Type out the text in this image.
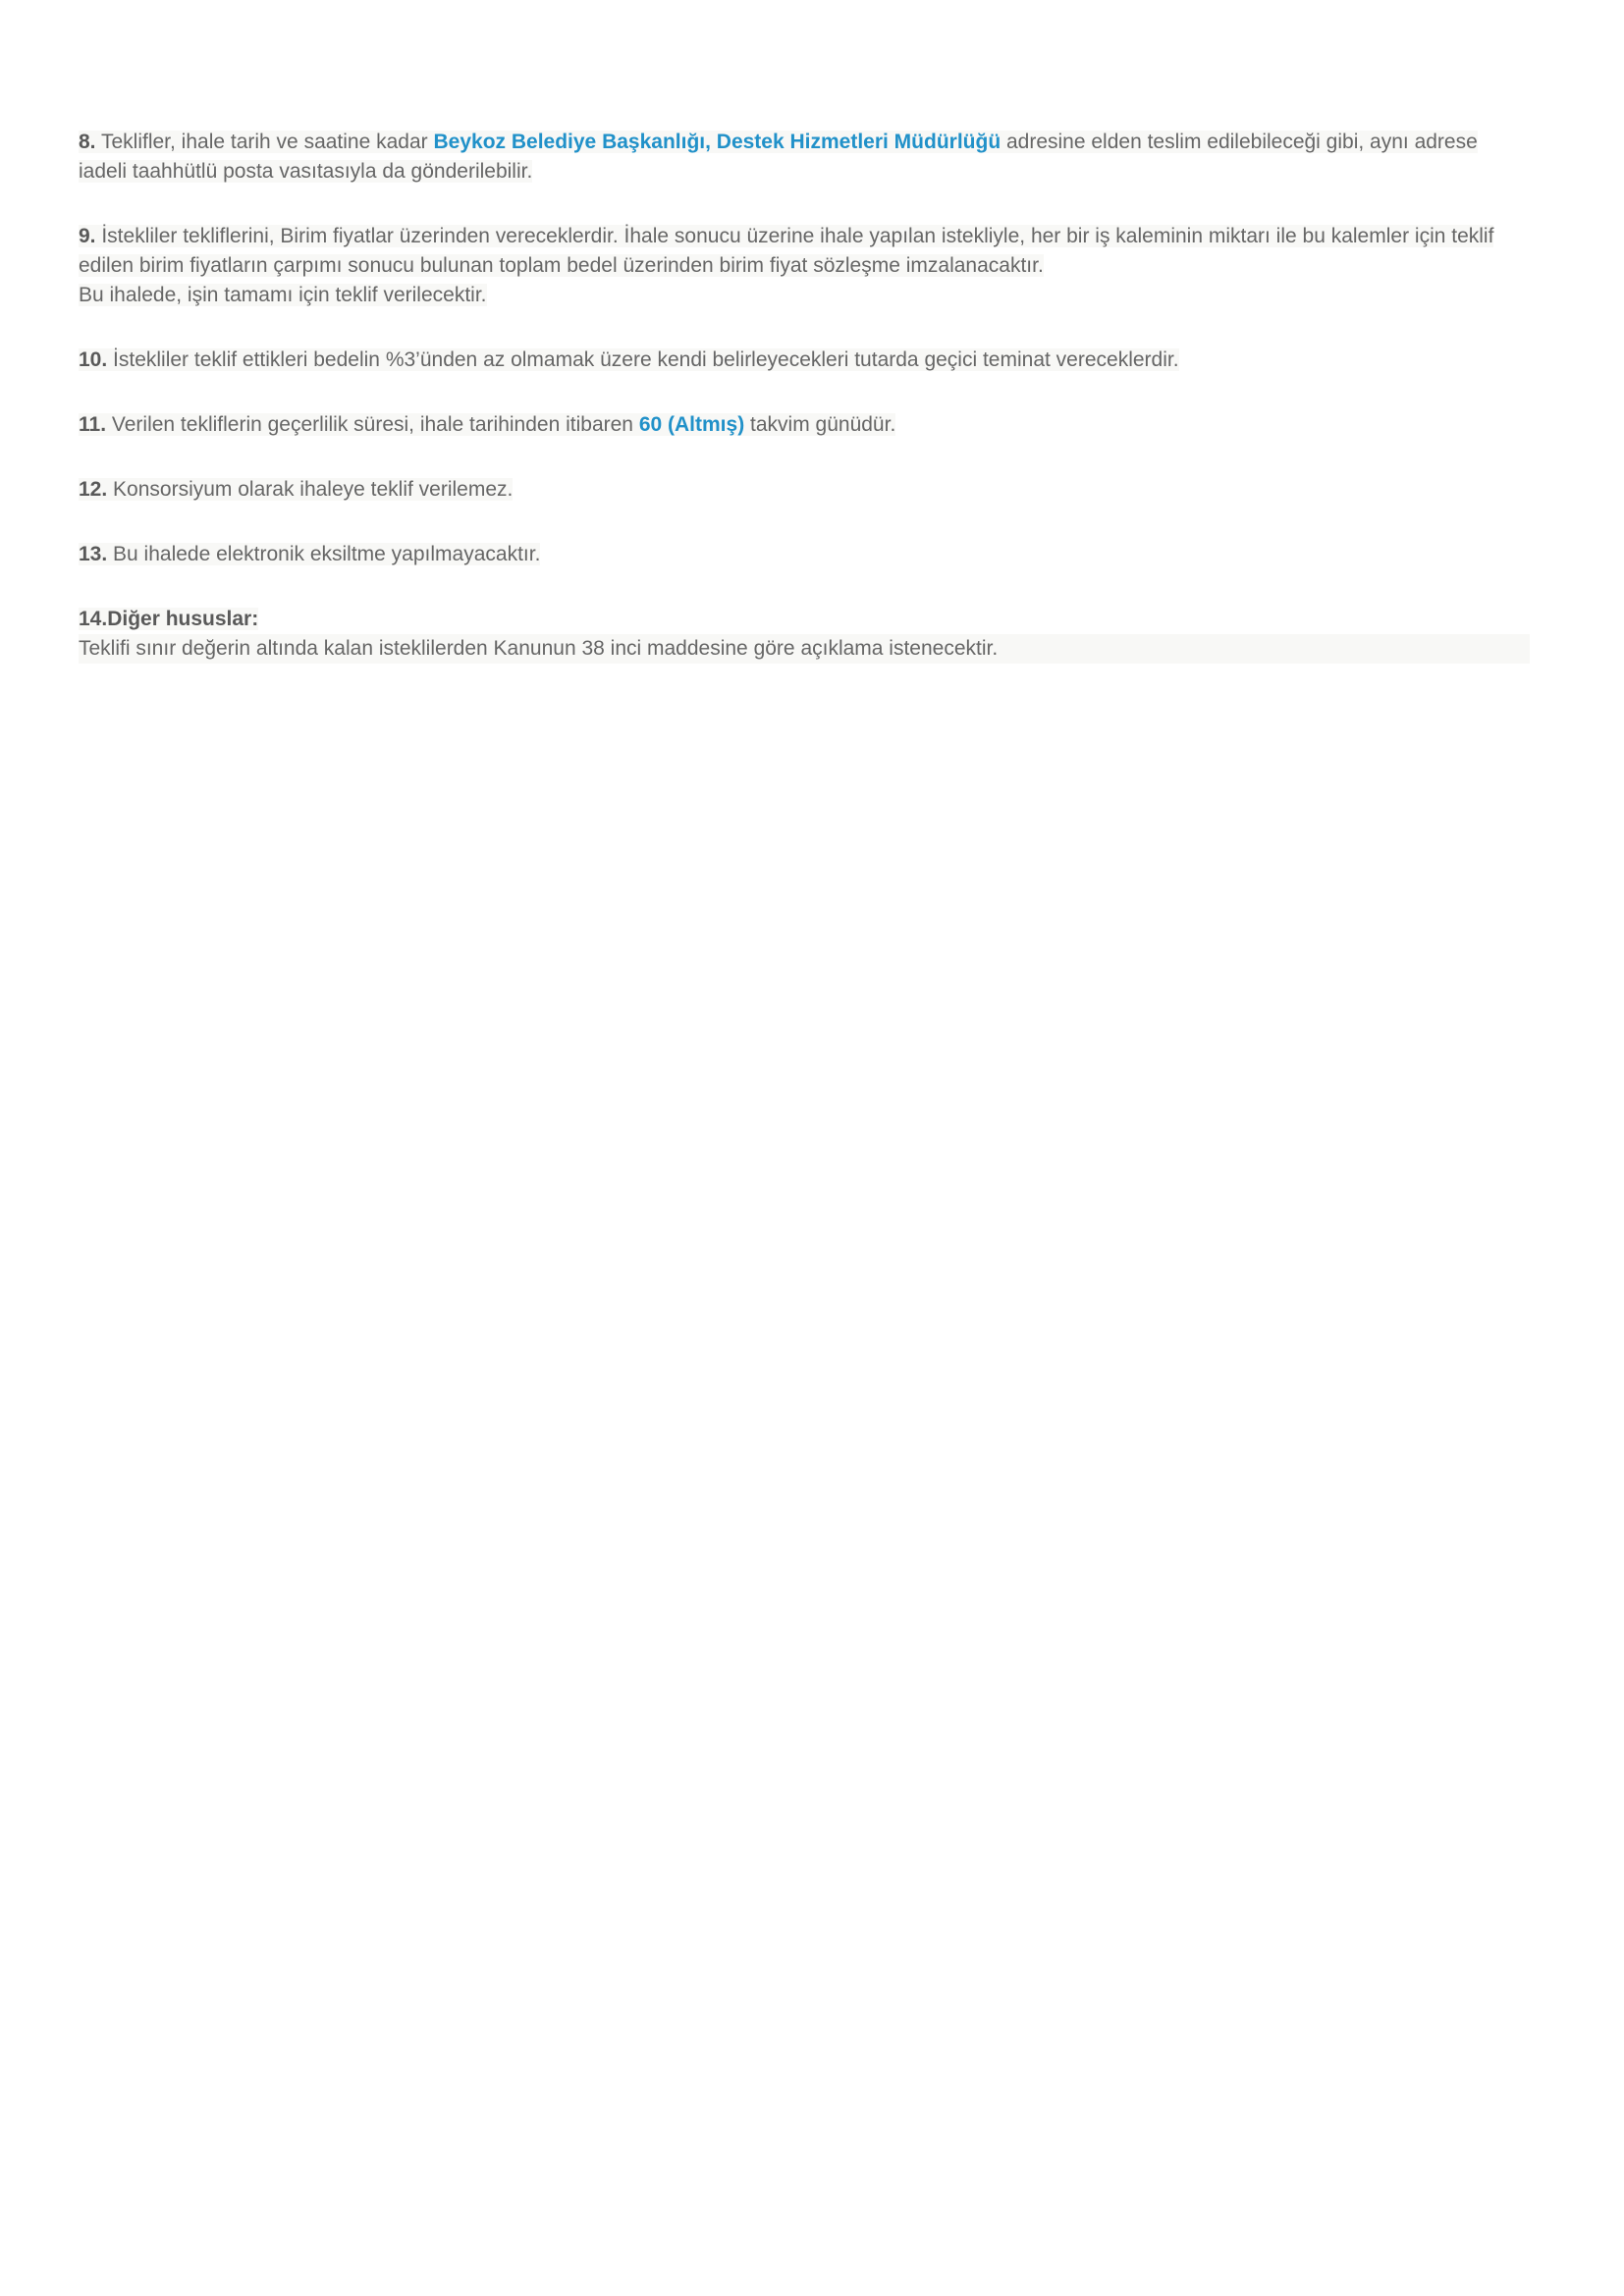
8. Teklifler, ihale tarih ve saatine kadar Beykoz Belediye Başkanlığı, Destek Hizmetleri Müdürlüğü adresine elden teslim edilebileceği gibi, aynı adrese iadeli taahhütlü posta vasıtasıyla da gönderilebilir.

9. İstekliler tekliflerini, Birim fiyatlar üzerinden vereceklerdir. İhale sonucu üzerine ihale yapılan istekliyle, her bir iş kaleminin miktarı ile bu kalemler için teklif edilen birim fiyatların çarpımı sonucu bulunan toplam bedel üzerinden birim fiyat sözleşme imzalanacaktır.
Bu ihalede, işin tamamı için teklif verilecektir.

10. İstekliler teklif ettikleri bedelin %3’ünden az olmamak üzere kendi belirleyecekleri tutarda geçici teminat vereceklerdir.

11. Verilen tekliflerin geçerlilik süresi, ihale tarihinden itibaren 60 (Altmış) takvim günüdür.

12. Konsorsiyum olarak ihaleye teklif verilemez.

13. Bu ihalede elektronik eksiltme yapılmayacaktır.

14.Diğer hususlar:
Teklifi sınır değerin altında kalan isteklilerden Kanunun 38 inci maddesine göre açıklama istenecektir.
